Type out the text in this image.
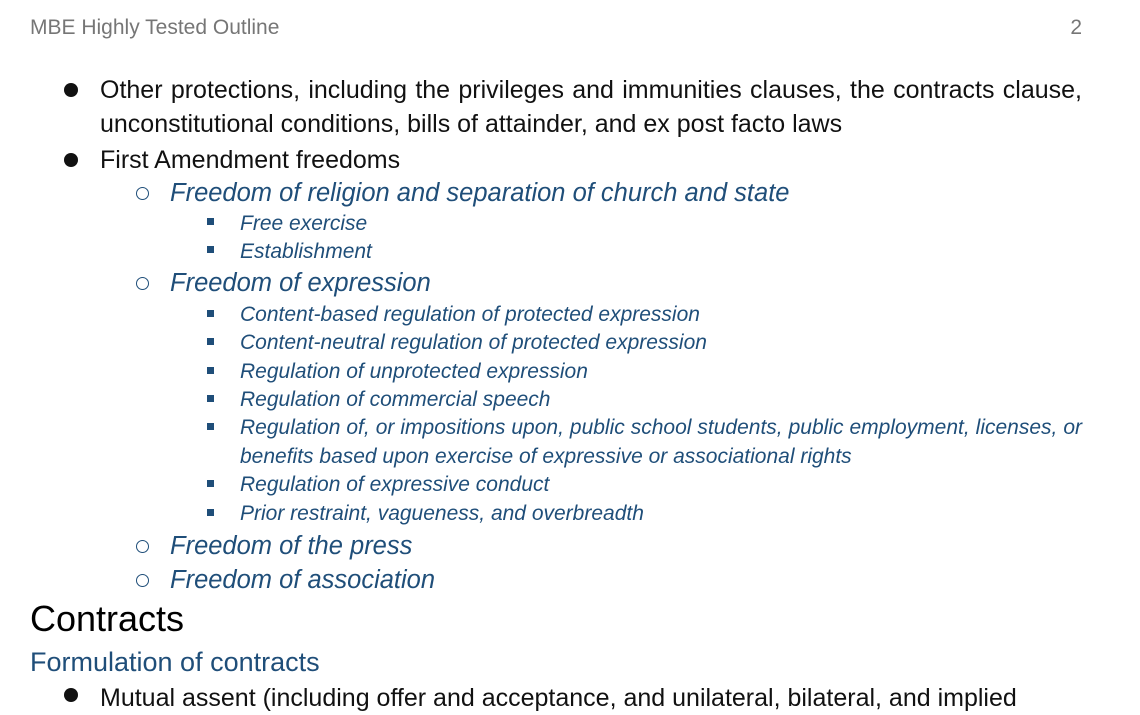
MBE Highly Tested Outline	2
Other protections, including the privileges and immunities clauses, the contracts clause, unconstitutional conditions, bills of attainder, and ex post facto laws
First Amendment freedoms
Freedom of religion and separation of church and state
Free exercise
Establishment
Freedom of expression
Content-based regulation of protected expression
Content-neutral regulation of protected expression
Regulation of unprotected expression
Regulation of commercial speech
Regulation of, or impositions upon, public school students, public employment, licenses, or benefits based upon exercise of expressive or associational rights
Regulation of expressive conduct
Prior restraint, vagueness, and overbreadth
Freedom of the press
Freedom of association
Contracts
Formulation of contracts
Mutual assent (including offer and acceptance, and unilateral, bilateral, and implied
